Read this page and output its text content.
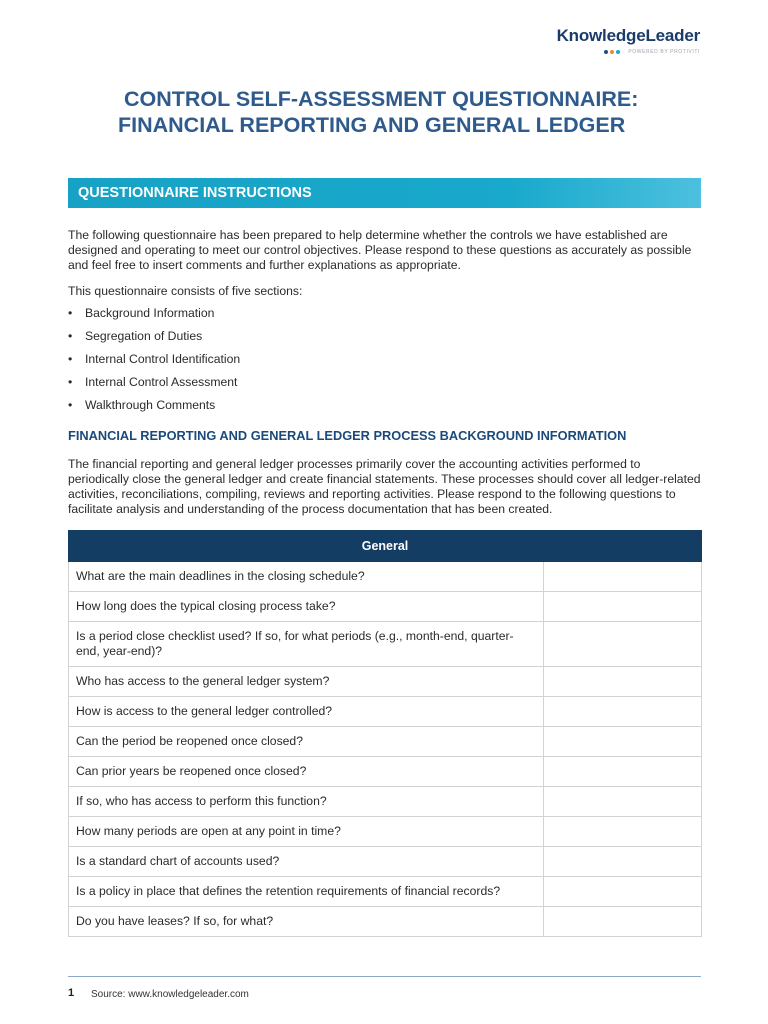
KnowledgeLeader
POWERED BY PROTIVITI
CONTROL SELF-ASSESSMENT QUESTIONNAIRE:
FINANCIAL REPORTING AND GENERAL LEDGER
QUESTIONNAIRE INSTRUCTIONS

The following questionnaire has been prepared to help determine whether the controls we have established are designed and operating to meet our control objectives. Please respond to these questions as accurately as possible and feel free to insert comments and further explanations as appropriate.

This questionnaire consists of five sections:

•	Background Information
•	Segregation of Duties
•	Internal Control Identification
•	Internal Control Assessment
•	Walkthrough Comments
FINANCIAL REPORTING AND GENERAL LEDGER PROCESS BACKGROUND INFORMATION

The financial reporting and general ledger processes primarily cover the accounting activities performed to periodically close the general ledger and create financial statements. These processes should cover all ledger-related activities, reconciliations, compiling, reviews and reporting activities. Please respond to the following questions to facilitate analysis and understanding of the process documentation that has been created.

General	
What are the main deadlines in the closing schedule?	
How long does the typical closing process take?	
Is a period close checklist used? If so, for what periods (e.g., month-end, quarter-end, year-end)?	
Who has access to the general ledger system?	
How is access to the general ledger controlled?	
Can the period be reopened once closed?	
Can prior years be reopened once closed?	
If so, who has access to perform this function?	
How many periods are open at any point in time?	
Is a standard chart of accounts used?	
Is a policy in place that defines the retention requirements of financial records?	
Do you have leases? If so, for what?	
1 Source: www.knowledgeleader.com
